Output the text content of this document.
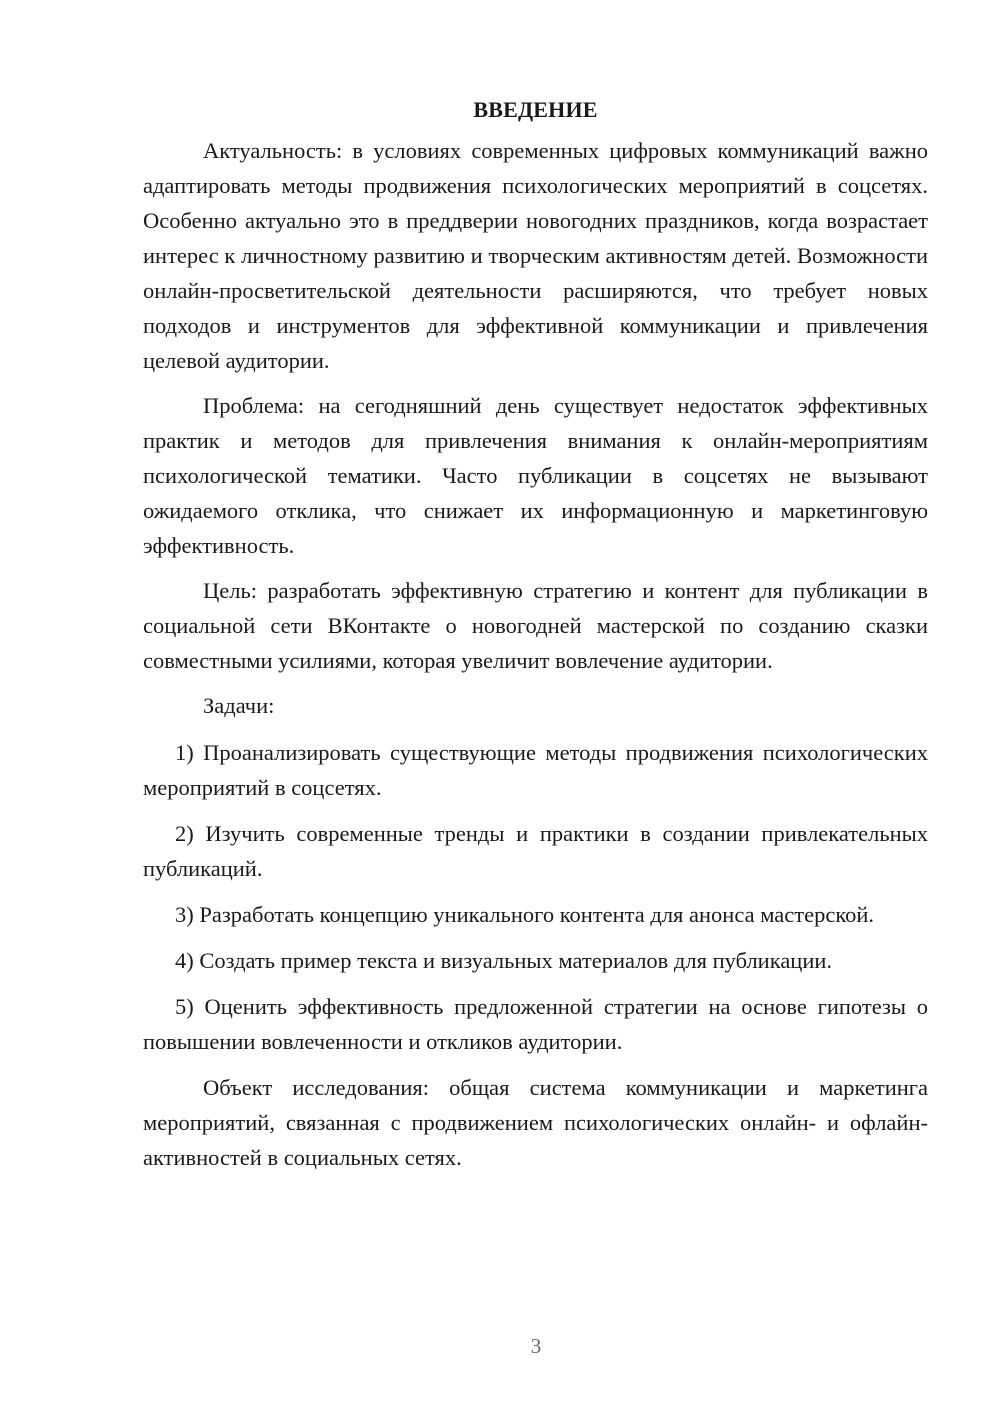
ВВЕДЕНИЕ

Актуальность: в условиях современных цифровых коммуникаций важно адаптировать методы продвижения психологических мероприятий в соцсетях. Особенно актуально это в преддверии новогодних праздников, когда возрастает интерес к личностному развитию и творческим активностям детей. Возможности онлайн-просветительской деятельности расширяются, что требует новых подходов и инструментов для эффективной коммуникации и привлечения целевой аудитории.

Проблема: на сегодняшний день существует недостаток эффективных практик и методов для привлечения внимания к онлайн-мероприятиям психологической тематики. Часто публикации в соцсетях не вызывают ожидаемого отклика, что снижает их информационную и маркетинговую эффективность.

Цель: разработать эффективную стратегию и контент для публикации в социальной сети ВКонтакте о новогодней мастерской по созданию сказки совместными усилиями, которая увеличит вовлечение аудитории.

Задачи:

1) Проанализировать существующие методы продвижения психологических мероприятий в соцсетях.

2) Изучить современные тренды и практики в создании привлекательных публикаций.

3) Разработать концепцию уникального контента для анонса мастерской.

4) Создать пример текста и визуальных материалов для публикации.

5) Оценить эффективность предложенной стратегии на основе гипотезы о повышении вовлеченности и откликов аудитории.

Объект исследования: общая система коммуникации и маркетинга мероприятий, связанная с продвижением психологических онлайн- и офлайн-активностей в социальных сетях.

3
